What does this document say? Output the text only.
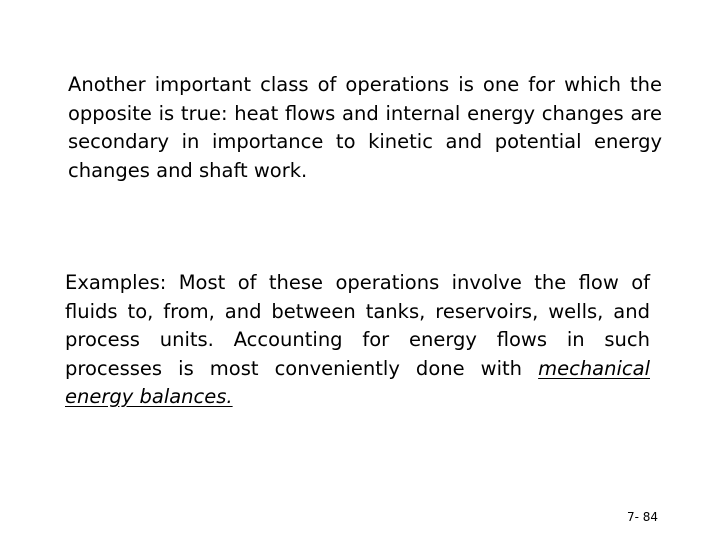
Another important class of operations is one for which the opposite is true: heat flows and internal energy changes are secondary in importance to kinetic and potential energy changes and shaft work.

Examples: Most of these operations involve the flow of fluids to, from, and between tanks, reservoirs, wells, and process units. Accounting for energy flows in such processes is most conveniently done with mechanical energy balances.

7- 84
